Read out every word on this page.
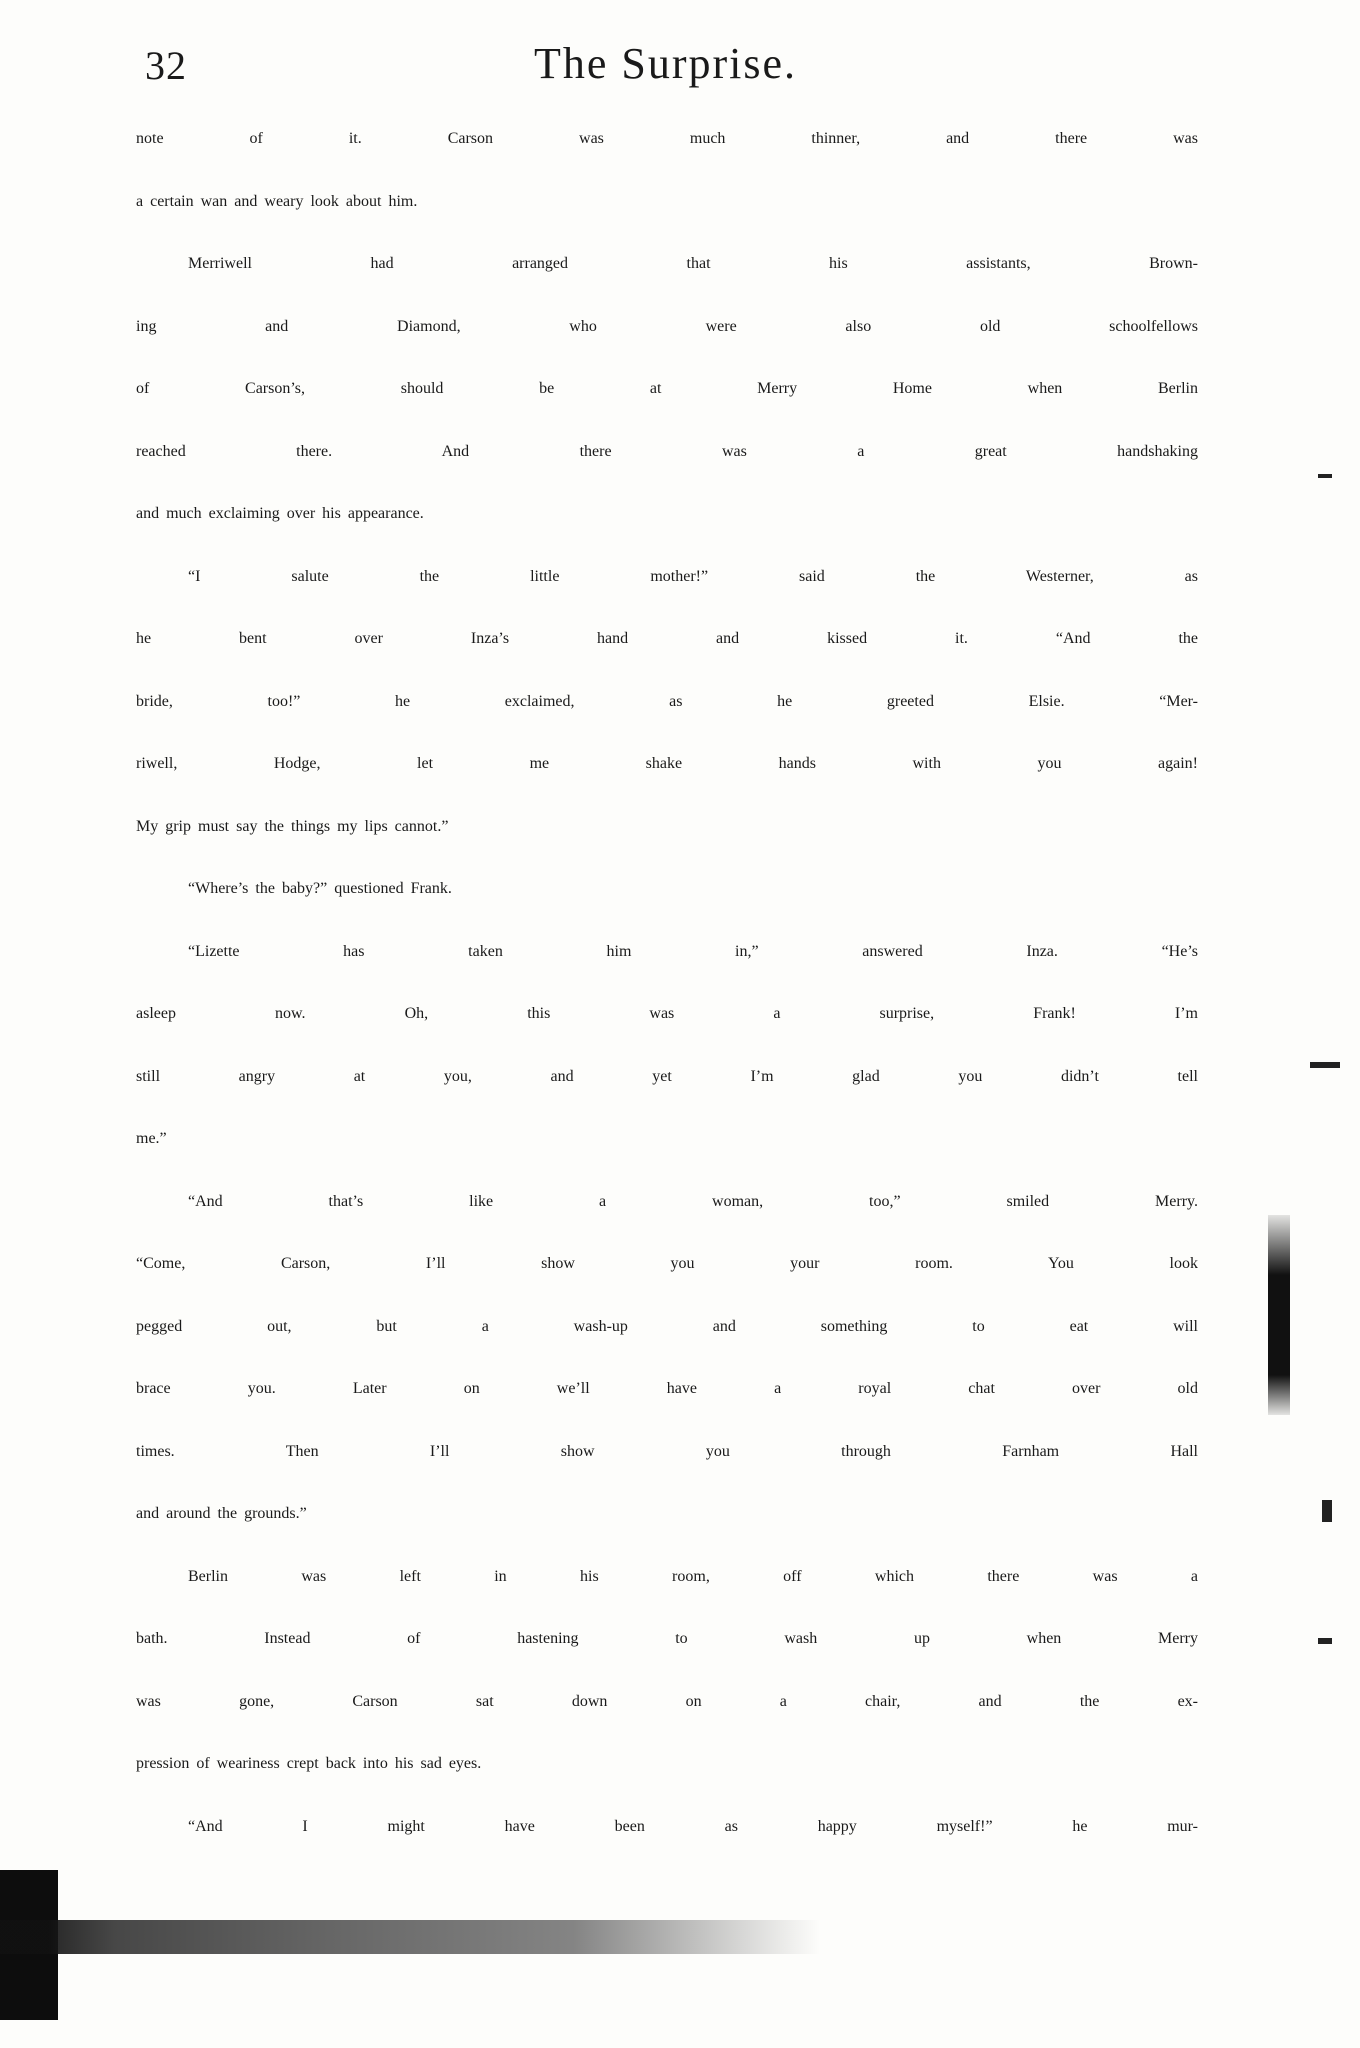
32	The Surprise.
note of it. Carson was much thinner, and there was
a certain wan and weary look about him.
Merriwell had arranged that his assistants, Brown-
ing and Diamond, who were also old schoolfellows
of Carson’s, should be at Merry Home when Berlin
reached there. And there was a great handshaking
and much exclaiming over his appearance.
“I salute the little mother!” said the Westerner, as
he bent over Inza’s hand and kissed it. “And the
bride, too!” he exclaimed, as he greeted Elsie. “Mer-
riwell, Hodge, let me shake hands with you again!
My grip must say the things my lips cannot.”
“Where’s the baby?” questioned Frank.
“Lizette has taken him in,” answered Inza. “He’s
asleep now. Oh, this was a surprise, Frank! I’m
still angry at you, and yet I’m glad you didn’t tell
me.”
“And that’s like a woman, too,” smiled Merry.
“Come, Carson, I’ll show you your room. You look
pegged out, but a wash-up and something to eat will
brace you. Later on we’ll have a royal chat over old
times. Then I’ll show you through Farnham Hall
and around the grounds.”
Berlin was left in his room, off which there was a
bath. Instead of hastening to wash up when Merry
was gone, Carson sat down on a chair, and the ex-
pression of weariness crept back into his sad eyes.
“And I might have been as happy myself!” he mur-
